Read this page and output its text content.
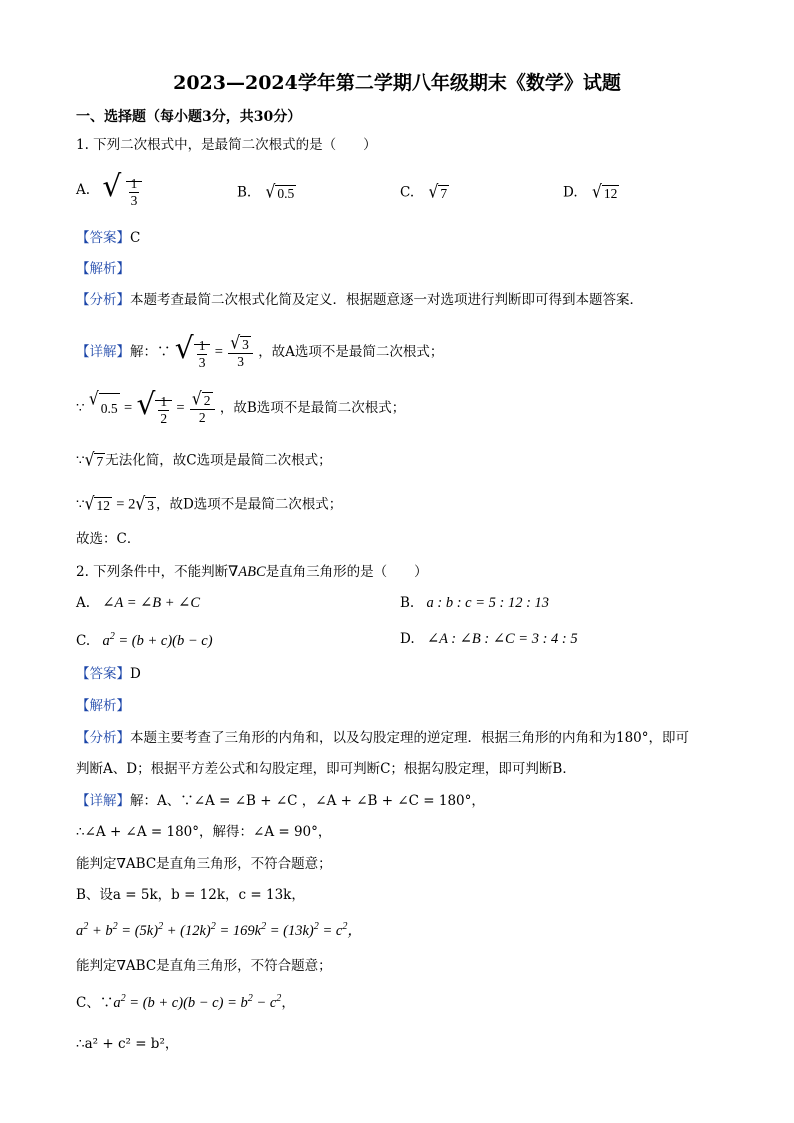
2023—2024学年第二学期八年级期末《数学》试题
一、选择题（每小题3分，共30分）
1. 下列二次根式中，是最简二次根式的是（　　）
A. √ $\frac{1}{3}$	B. √ 0.5	C. √ 7	D. √ 12
【答案】C
【解析】
【分析】本题考查最简二次根式化简及定义．根据题意逐一对选项进行判断即可得到本题答案．
【详解】解：∵ √ $\frac{1}{3} = \frac{√ 3}{3}$ ，故A选项不是最简二次根式；
∵ √ 0.5 = √ $\frac{1}{2} = \frac{√ 2}{2}$ ，故B选项不是最简二次根式；
∵ √ 7 无法化简，故C选项是最简二次根式；
∵ √ 12 = 2 √ 3 ，故D选项不是最简二次根式；
故选：C．
2. 下列条件中，不能判断∇ABC是直角三角形的是（　　）
A. ∠A = ∠B + ∠C	B. a : b : c = 5 : 12 : 13
C. $a^2 = (b + c)(b - c)$	D. ∠A : ∠B : ∠C = 3 : 4 : 5
【答案】D
【解析】
【分析】本题主要考查了三角形的内角和，以及勾股定理的逆定理．根据三角形的内角和为180°，即可
判断A、D；根据平方差公式和勾股定理，即可判断C；根据勾股定理，即可判断B．
【详解】解：A、∵∠A = ∠B + ∠C ，∠A + ∠B + ∠C = 180°，
∴∠A + ∠A = 180°，解得：∠A = 90°，
能判定∇ABC是直角三角形，不符合题意；
B、设a = 5k，b = 12k，c = 13k，
$a^2 + b^2 = (5k)^2 + (12k)^2 = 169k^2 = (13k)^2 = c^2$，
能判定∇ABC是直角三角形，不符合题意；
C、$\because a^2 = (b + c)(b - c) = b^2 - c^2$，
∴a² + c² = b²，
